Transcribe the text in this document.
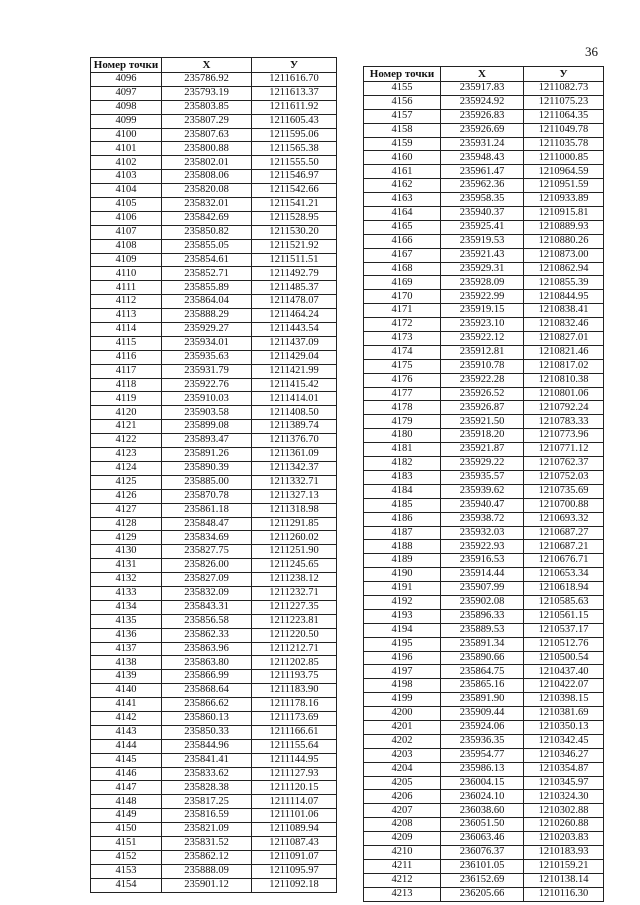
36
Номер точки	X	У
4096	235786.92	1211616.70
4097	235793.19	1211613.37
4098	235803.85	1211611.92
4099	235807.29	1211605.43
4100	235807.63	1211595.06
4101	235800.88	1211565.38
4102	235802.01	1211555.50
4103	235808.06	1211546.97
4104	235820.08	1211542.66
4105	235832.01	1211541.21
4106	235842.69	1211528.95
4107	235850.82	1211530.20
4108	235855.05	1211521.92
4109	235854.61	1211511.51
4110	235852.71	1211492.79
4111	235855.89	1211485.37
4112	235864.04	1211478.07
4113	235888.29	1211464.24
4114	235929.27	1211443.54
4115	235934.01	1211437.09
4116	235935.63	1211429.04
4117	235931.79	1211421.99
4118	235922.76	1211415.42
4119	235910.03	1211414.01
4120	235903.58	1211408.50
4121	235899.08	1211389.74
4122	235893.47	1211376.70
4123	235891.26	1211361.09
4124	235890.39	1211342.37
4125	235885.00	1211332.71
4126	235870.78	1211327.13
4127	235861.18	1211318.98
4128	235848.47	1211291.85
4129	235834.69	1211260.02
4130	235827.75	1211251.90
4131	235826.00	1211245.65
4132	235827.09	1211238.12
4133	235832.09	1211232.71
4134	235843.31	1211227.35
4135	235856.58	1211223.81
4136	235862.33	1211220.50
4137	235863.96	1211212.71
4138	235863.80	1211202.85
4139	235866.99	1211193.75
4140	235868.64	1211183.90
4141	235866.62	1211178.16
4142	235860.13	1211173.69
4143	235850.33	1211166.61
4144	235844.96	1211155.64
4145	235841.41	1211144.95
4146	235833.62	1211127.93
4147	235828.38	1211120.15
4148	235817.25	1211114.07
4149	235816.59	1211101.06
4150	235821.09	1211089.94
4151	235831.52	1211087.43
4152	235862.12	1211091.07
4153	235888.09	1211095.97
4154	235901.12	1211092.18
Номер точки	X	У
4155	235917.83	1211082.73
4156	235924.92	1211075.23
4157	235926.83	1211064.35
4158	235926.69	1211049.78
4159	235931.24	1211035.78
4160	235948.43	1211000.85
4161	235961.47	1210964.59
4162	235962.36	1210951.59
4163	235958.35	1210933.89
4164	235940.37	1210915.81
4165	235925.41	1210889.93
4166	235919.53	1210880.26
4167	235921.43	1210873.00
4168	235929.31	1210862.94
4169	235928.09	1210855.39
4170	235922.99	1210844.95
4171	235919.15	1210838.41
4172	235923.10	1210832.46
4173	235922.12	1210827.01
4174	235912.81	1210821.46
4175	235910.78	1210817.02
4176	235922.28	1210810.38
4177	235926.52	1210801.06
4178	235926.87	1210792.24
4179	235921.50	1210783.33
4180	235918.20	1210773.96
4181	235921.87	1210771.12
4182	235929.22	1210762.37
4183	235935.57	1210752.03
4184	235939.62	1210735.69
4185	235940.47	1210700.88
4186	235938.72	1210693.32
4187	235932.03	1210687.27
4188	235922.93	1210687.21
4189	235916.53	1210676.71
4190	235914.44	1210653.34
4191	235907.99	1210618.94
4192	235902.08	1210585.63
4193	235896.33	1210561.15
4194	235889.53	1210537.17
4195	235891.34	1210512.76
4196	235890.66	1210500.54
4197	235864.75	1210437.40
4198	235865.16	1210422.07
4199	235891.90	1210398.15
4200	235909.44	1210381.69
4201	235924.06	1210350.13
4202	235936.35	1210342.45
4203	235954.77	1210346.27
4204	235986.13	1210354.87
4205	236004.15	1210345.97
4206	236024.10	1210324.30
4207	236038.60	1210302.88
4208	236051.50	1210260.88
4209	236063.46	1210203.83
4210	236076.37	1210183.93
4211	236101.05	1210159.21
4212	236152.69	1210138.14
4213	236205.66	1210116.30
